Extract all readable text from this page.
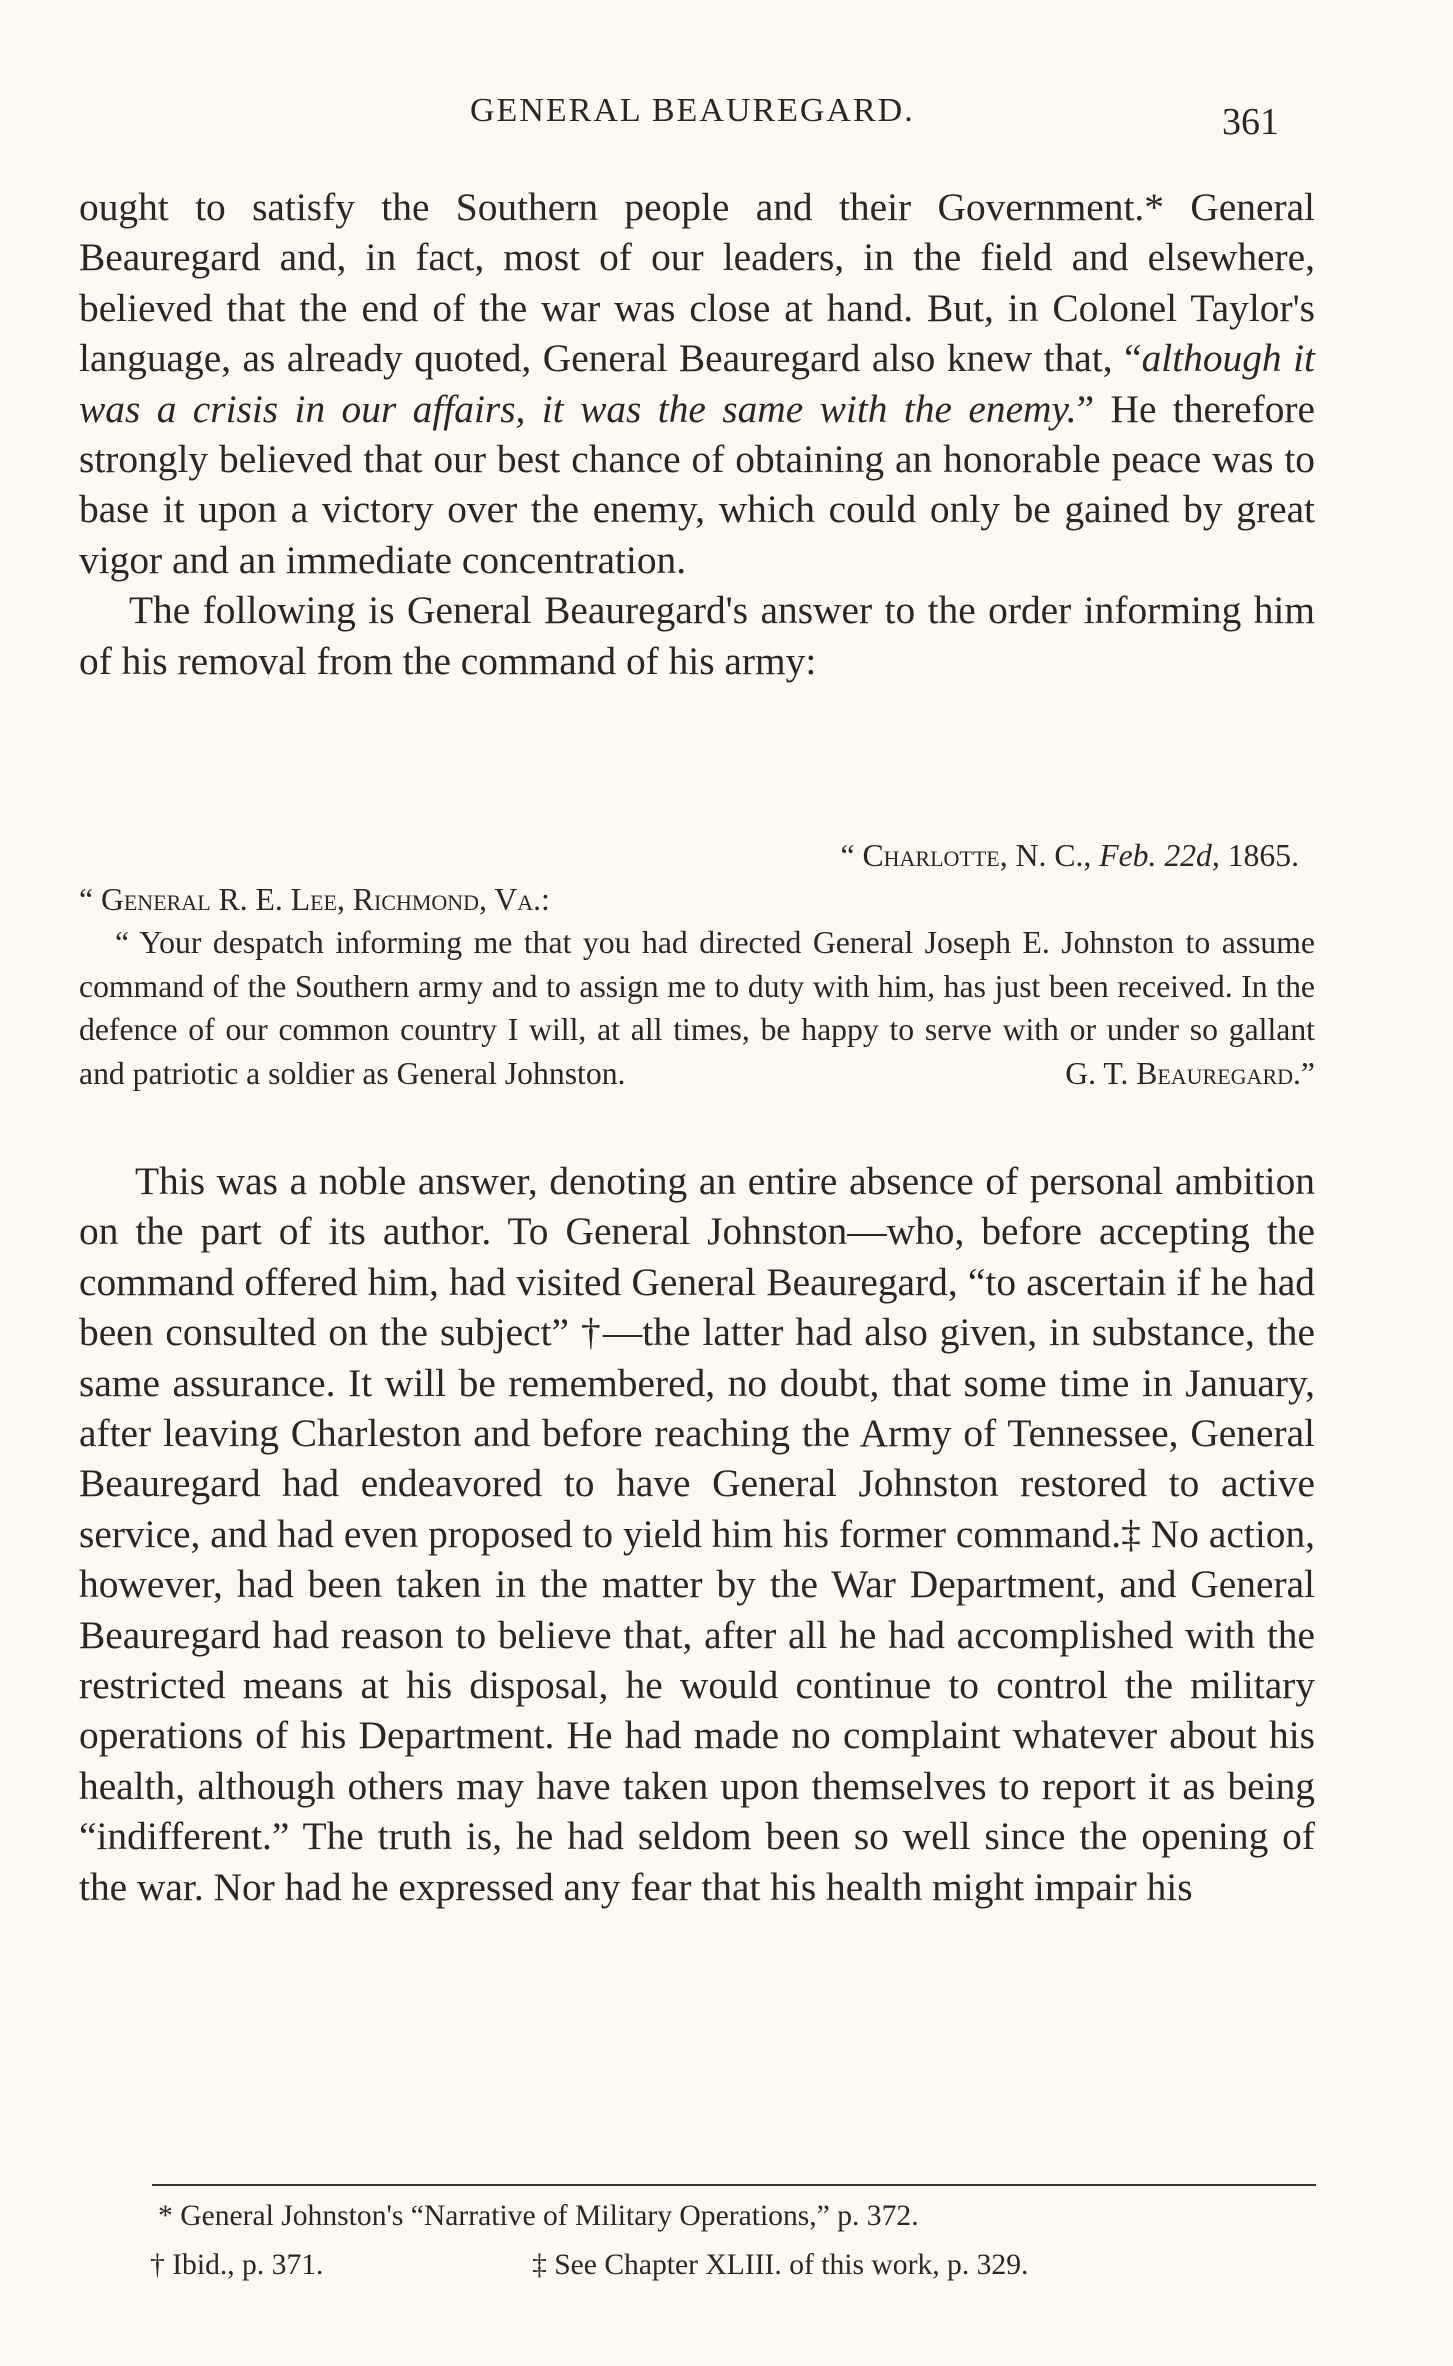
GENERAL BEAUREGARD.	361

ought to satisfy the Southern people and their Government.* General Beauregard and, in fact, most of our leaders, in the field and elsewhere, believed that the end of the war was close at hand. But, in Colonel Taylor's language, as already quoted, General Beauregard also knew that, “although it was a crisis in our affairs, it was the same with the enemy.” He therefore strongly believed that our best chance of obtaining an honorable peace was to base it upon a victory over the enemy, which could only be gained by great vigor and an immediate concentration.

The following is General Beauregard's answer to the order informing him of his removal from the command of his army:

“ Charlotte, N. C., Feb. 22d, 1865.

“ General R. E. Lee, Richmond, Va.:

“ Your despatch informing me that you had directed General Joseph E. Johnston to assume command of the Southern army and to assign me to duty with him, has just been received. In the defence of our common country I will, at all times, be happy to serve with or under so gallant and patriotic a soldier as General Johnston.	G. T. Beauregard.”

This was a noble answer, denoting an entire absence of personal ambition on the part of its author. To General Johnston—who, before accepting the command offered him, had visited General Beauregard, “to ascertain if he had been consulted on the subject” †—the latter had also given, in substance, the same assurance. It will be remembered, no doubt, that some time in January, after leaving Charleston and before reaching the Army of Tennessee, General Beauregard had endeavored to have General Johnston restored to active service, and had even proposed to yield him his former command.‡ No action, however, had been taken in the matter by the War Department, and General Beauregard had reason to believe that, after all he had accomplished with the restricted means at his disposal, he would continue to control the military operations of his Department. He had made no complaint whatever about his health, although others may have taken upon themselves to report it as being “indifferent.” The truth is, he had seldom been so well since the opening of the war. Nor had he expressed any fear that his health might impair his

* General Johnston's “Narrative of Military Operations,” p. 372.
† Ibid., p. 371.	‡ See Chapter XLIII. of this work, p. 329.
